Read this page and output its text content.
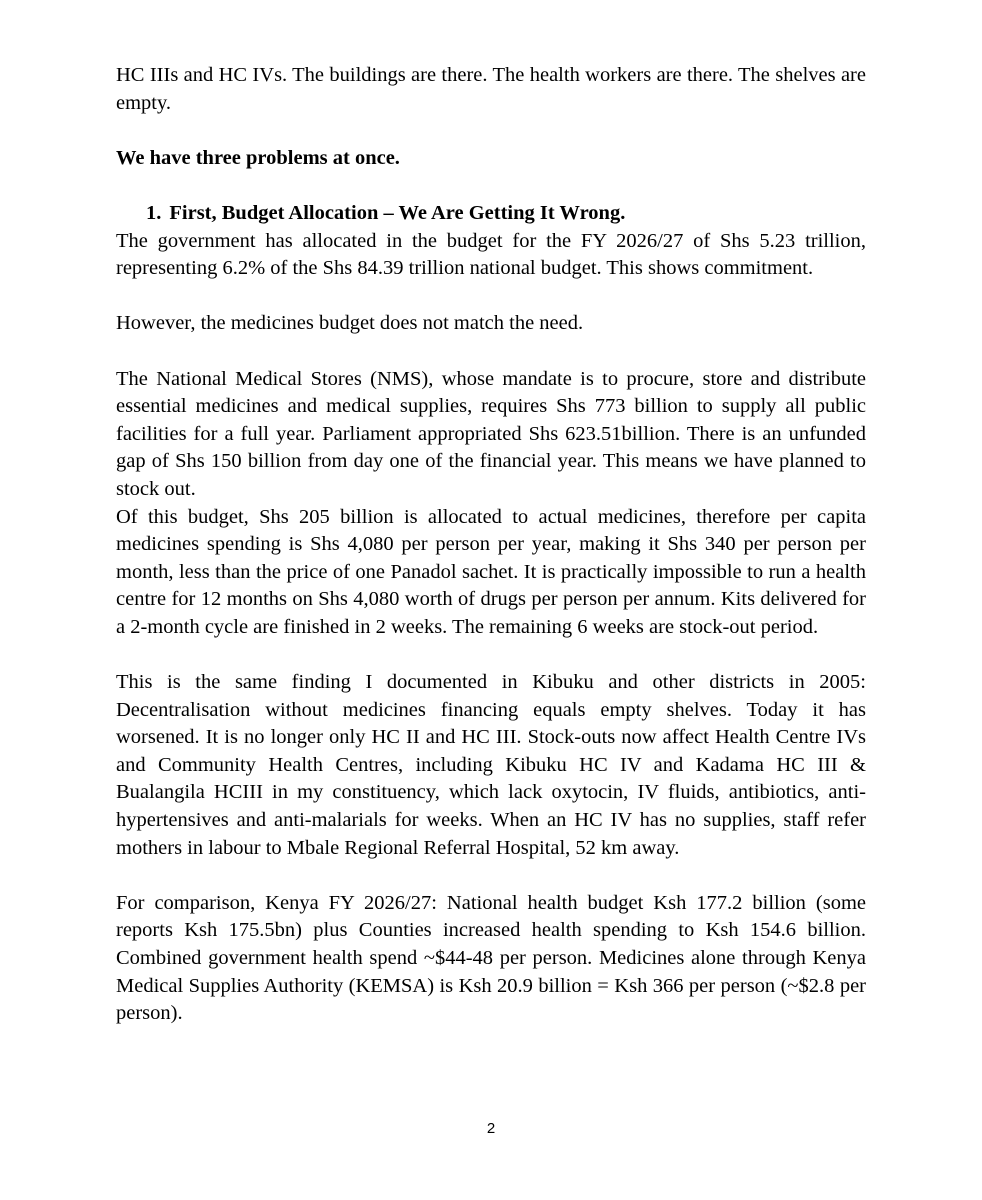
HC IIIs and HC IVs. The buildings are there. The health workers are there. The shelves are empty.

We have three problems at once.

1. First, Budget Allocation – We Are Getting It Wrong.

The government has allocated in the budget for the FY 2026/27 of Shs 5.23 trillion, representing 6.2% of the Shs 84.39 trillion national budget. This shows commitment.

However, the medicines budget does not match the need.

The National Medical Stores (NMS), whose mandate is to procure, store and distribute essential medicines and medical supplies, requires Shs 773 billion to supply all public facilities for a full year. Parliament appropriated Shs 623.51billion. There is an unfunded gap of Shs 150 billion from day one of the financial year. This means we have planned to stock out.

Of this budget, Shs 205 billion is allocated to actual medicines, therefore per capita medicines spending is Shs 4,080 per person per year, making it Shs 340 per person per month, less than the price of one Panadol sachet. It is practically impossible to run a health centre for 12 months on Shs 4,080 worth of drugs per person per annum. Kits delivered for a 2-month cycle are finished in 2 weeks. The remaining 6 weeks are stock-out period.

This is the same finding I documented in Kibuku and other districts in 2005: Decentralisation without medicines financing equals empty shelves. Today it has worsened. It is no longer only HC II and HC III. Stock-outs now affect Health Centre IVs and Community Health Centres, including Kibuku HC IV and Kadama HC III & Bualangila HCIII in my constituency, which lack oxytocin, IV fluids, antibiotics, anti-hypertensives and anti-malarials for weeks. When an HC IV has no supplies, staff refer mothers in labour to Mbale Regional Referral Hospital, 52 km away.

For comparison, Kenya FY 2026/27: National health budget Ksh 177.2 billion (some reports Ksh 175.5bn) plus Counties increased health spending to Ksh 154.6 billion. Combined government health spend ~$44-48 per person. Medicines alone through Kenya Medical Supplies Authority (KEMSA) is Ksh 20.9 billion = Ksh 366 per person (~$2.8 per person).

2
